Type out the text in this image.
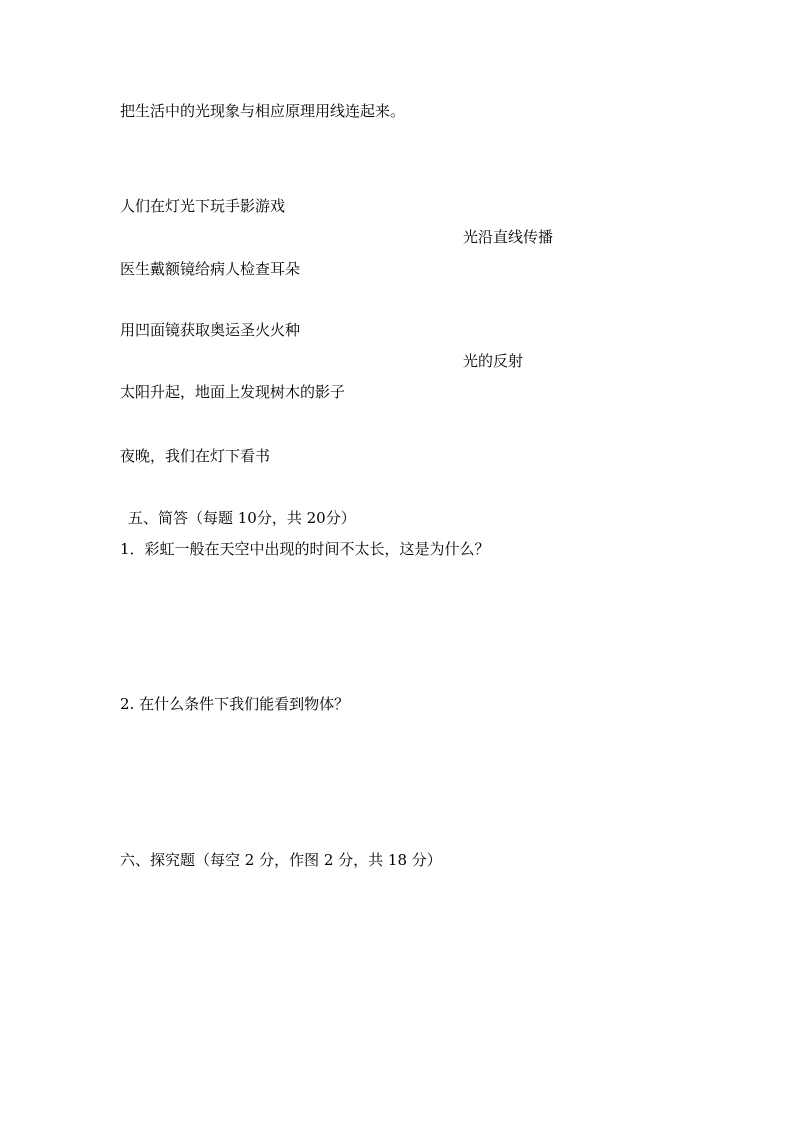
把生活中的光现象与相应原理用线连起来。
人们在灯光下玩手影游戏
光沿直线传播
医生戴额镜给病人检查耳朵
用凹面镜获取奥运圣火火种
光的反射
太阳升起，地面上发现树木的影子
夜晚，我们在灯下看书
五、简答（每题 10分，共 20分）
1．彩虹一般在天空中出现的时间不太长，这是为什么？
2. 在什么条件下我们能看到物体？
六、探究题（每空 2 分，作图 2 分，共 18 分）
